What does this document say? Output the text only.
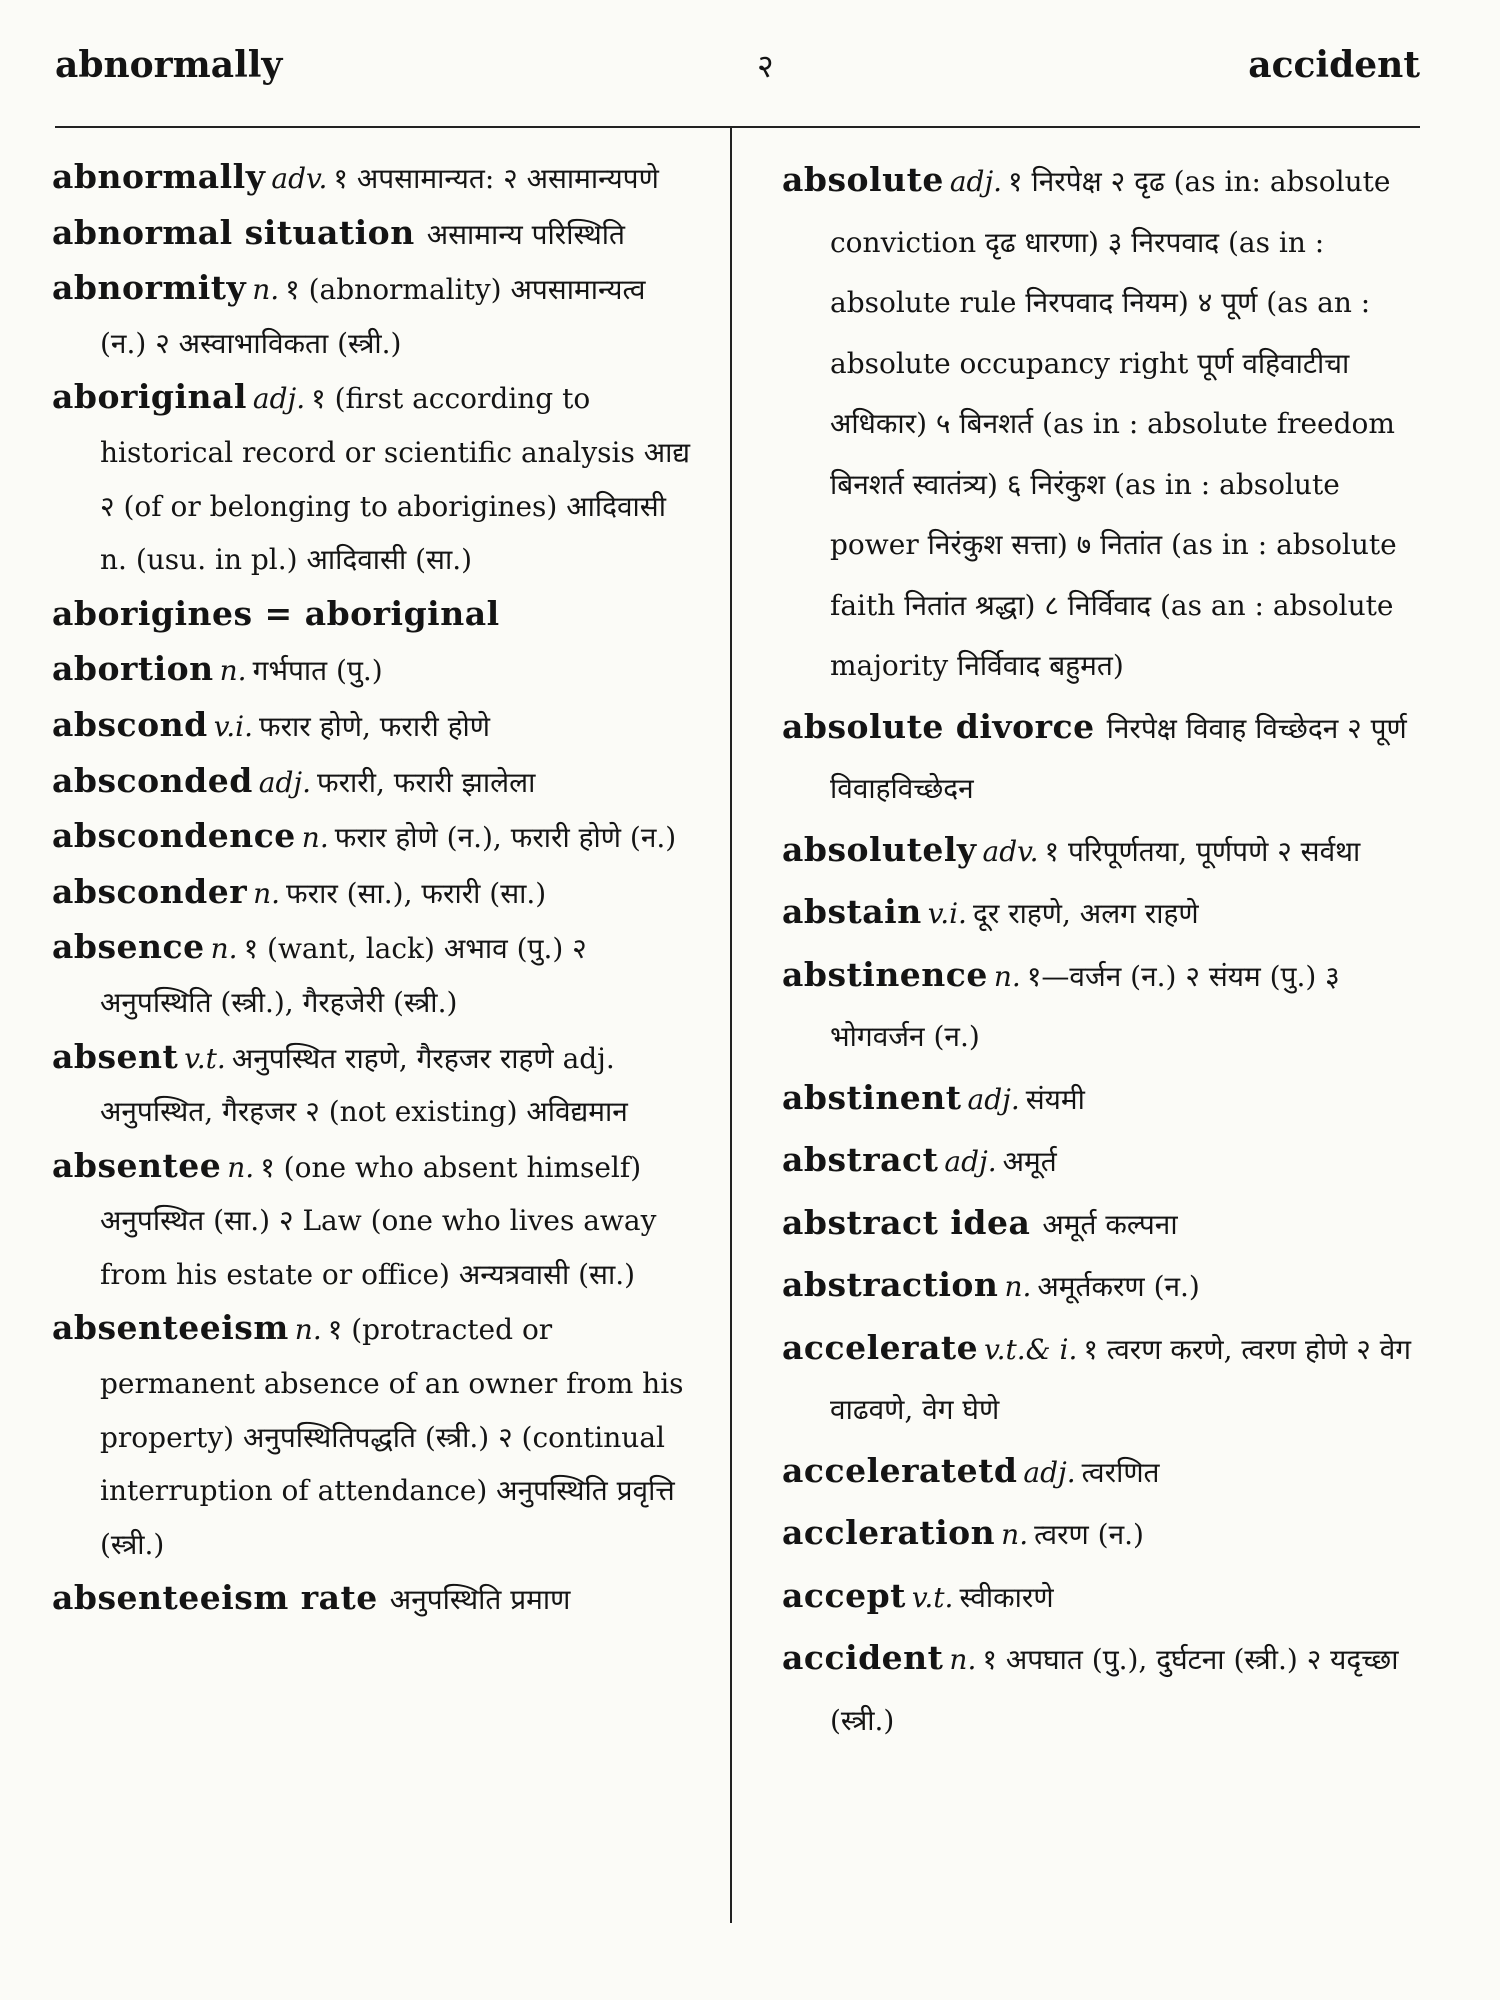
abnormally	२	accident
abnormally adv. १ अपसामान्यत: २ असामान्यपणे
abnormal situation असामान्य परिस्थिति
abnormity n. १ (abnormality) अपसामान्यत्व (न.) २ अस्वाभाविकता (स्त्री.)
aboriginal adj. १ (first according to historical record or scientific analysis आद्य २ (of or belonging to aborigines) आदिवासी n. (usu. in pl.) आदिवासी (सा.)
aborigines = aboriginal
abortion n. गर्भपात (पु.)
abscond v.i. फरार होणे, फरारी होणे
absconded adj. फरारी, फरारी झालेला
abscondence n. फरार होणे (न.), फरारी होणे (न.)
absconder n. फरार (सा.), फरारी (सा.)
absence n. १ (want, lack) अभाव (पु.) २ अनुपस्थिति (स्त्री.), गैरहजेरी (स्त्री.)
absent v.t. अनुपस्थित राहणे, गैरहजर राहणे adj. अनुपस्थित, गैरहजर २ (not existing) अविद्यमान
absentee n. १ (one who absent himself) अनुपस्थित (सा.) २ Law (one who lives away from his estate or office) अन्यत्रवासी (सा.)
absenteeism n. १ (protracted or permanent absence of an owner from his property) अनुपस्थितिपद्धति (स्त्री.) २ (continual interruption of attendance) अनुपस्थिति प्रवृत्ति (स्त्री.)
absenteeism rate अनुपस्थिति प्रमाण
absolute adj. १ निरपेक्ष २ दृढ (as in: absolute conviction दृढ धारणा) ३ निरपवाद (as in : absolute rule निरपवाद नियम) ४ पूर्ण (as an : absolute occupancy right पूर्ण वहिवाटीचा अधिकार) ५ बिनशर्त (as in : absolute freedom बिनशर्त स्वातंत्र्य) ६ निरंकुश (as in : absolute power निरंकुश सत्ता) ७ नितांत (as in : absolute faith नितांत श्रद्धा) ८ निर्विवाद (as an : absolute majority निर्विवाद बहुमत)
absolute divorce निरपेक्ष विवाह विच्छेदन २ पूर्ण विवाहविच्छेदन
absolutely adv. १ परिपूर्णतया, पूर्णपणे २ सर्वथा
abstain v.i. दूर राहणे, अलग राहणे
abstinence n. १—वर्जन (न.) २ संयम (पु.) ३ भोगवर्जन (न.)
abstinent adj. संयमी
abstract adj. अमूर्त
abstract idea अमूर्त कल्पना
abstraction n. अमूर्तकरण (न.)
accelerate v.t.& i. १ त्वरण करणे, त्वरण होणे २ वेग वाढवणे, वेग घेणे
acceleratetd adj. त्वरणित
accleration n. त्वरण (न.)
accept v.t. स्वीकारणे
accident n. १ अपघात (पु.), दुर्घटना (स्त्री.) २ यदृच्छा (स्त्री.)
